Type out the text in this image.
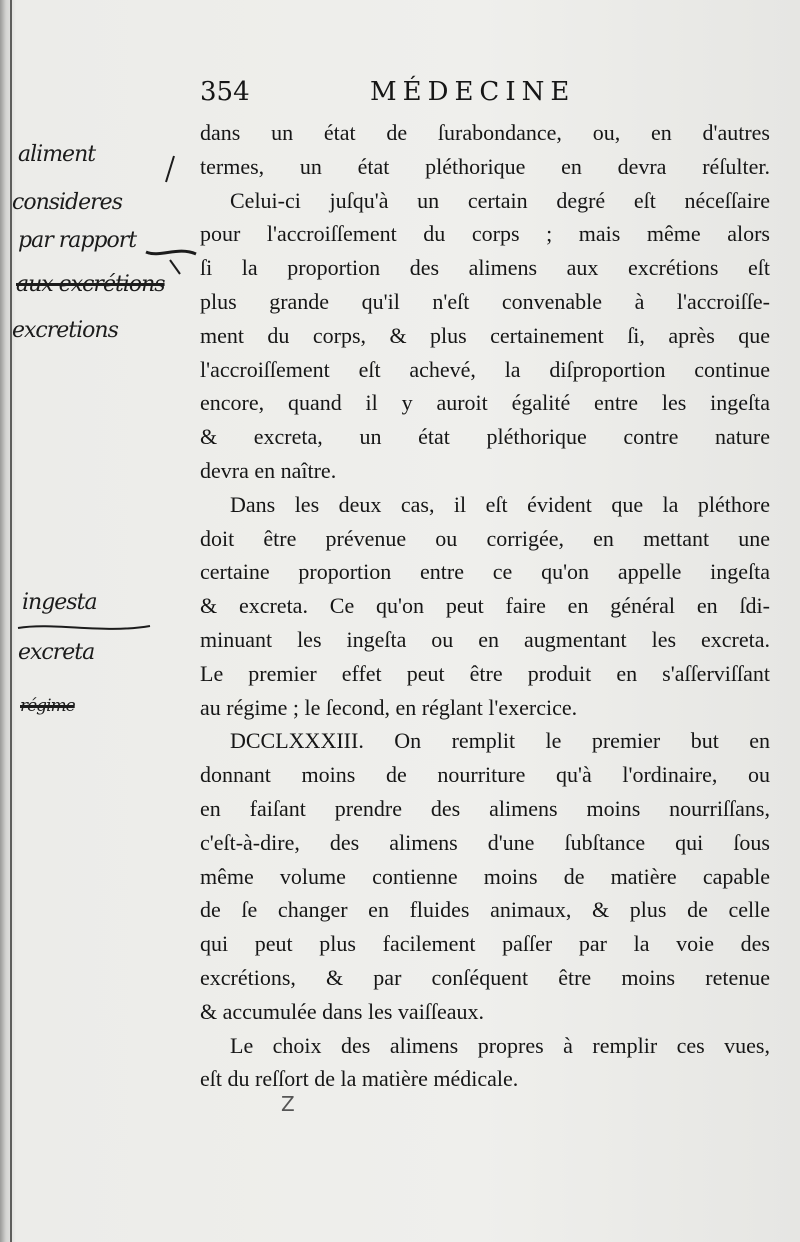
354	MÉDECINE
dans un état de ſurabondance, ou, en d'autres
termes, un état pléthorique en devra réſulter.
Celui-ci juſqu'à un certain degré eſt néceſſaire
pour l'accroiſſement du corps ; mais même alors
ſi la proportion des alimens aux excrétions eſt
plus grande qu'il n'eſt convenable à l'accroiſſe-
ment du corps, & plus certainement ſi, après que
l'accroiſſement eſt achevé, la diſproportion continue
encore, quand il y auroit égalité entre les ingeſta
& excreta, un état pléthorique contre nature
devra en naître.
Dans les deux cas, il eſt évident que la pléthore
doit être prévenue ou corrigée, en mettant une
certaine proportion entre ce qu'on appelle ingeſta
& excreta. Ce qu'on peut faire en général en ſdi-
minuant les ingeſta ou en augmentant les excreta.
Le premier effet peut être produit en s'aſſerviſſant
au régime ; le ſecond, en réglant l'exercice.
DCCLXXXIII. On remplit le premier but en
donnant moins de nourriture qu'à l'ordinaire, ou
en faiſant prendre des alimens moins nourriſſans,
c'eſt-à-dire, des alimens d'une ſubſtance qui ſous
même volume contienne moins de matière capable
de ſe changer en fluides animaux, & plus de celle
qui peut plus facilement paſſer par la voie des
excrétions, & par conſéquent être moins retenue
& accumulée dans les vaiſſeaux.
Le choix des alimens propres à remplir ces vues,
eſt du reſſort de la matière médicale.
aliment
consideres
par rapport
aux excrétions
excretions
ingesta
excreta
régime
Z
